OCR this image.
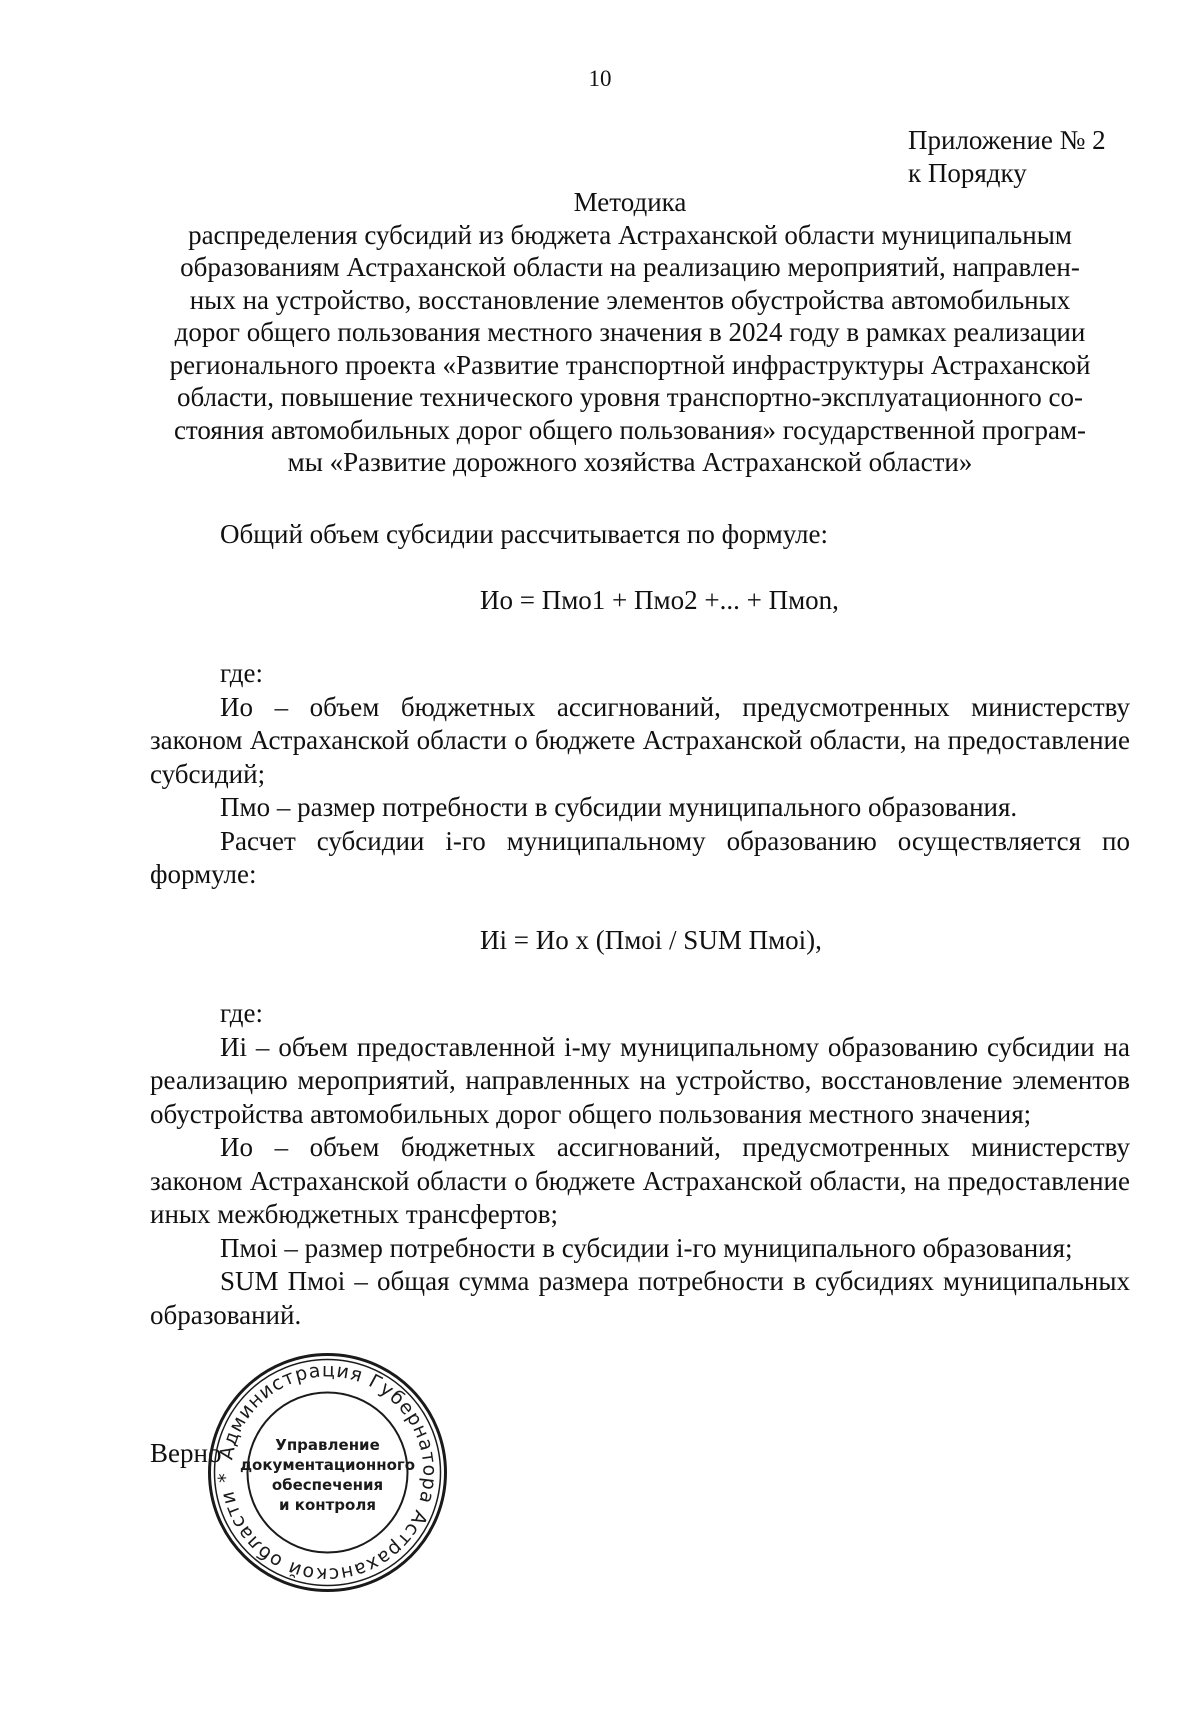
10
Приложение № 2
к Порядку
Методика
распределения субсидий из бюджета Астраханской области муниципальным
образованиям Астраханской области на реализацию мероприятий, направлен-
ных на устройство, восстановление элементов обустройства автомобильных
дорог общего пользования местного значения в 2024 году в рамках реализации
регионального проекта «Развитие транспортной инфраструктуры Астраханской
области, повышение технического уровня транспортно-эксплуатационного со-
стояния автомобильных дорог общего пользования» государственной програм-
мы «Развитие дорожного хозяйства Астраханской области»

Общий объем субсидии рассчитывается по формуле:

Ио = Пмо1 + Пмо2 +... + Пмоn,

где:

Ио – объем бюджетных ассигнований, предусмотренных министерству законом Астраханской области о бюджете Астраханской области, на предоставление субсидий;

Пмо – размер потребности в субсидии муниципального образования.

Расчет субсидии i-го муниципальному образованию осуществляется по формуле:

Иi = Ио х (Пмоi / SUM Пмоi),

где:

Иi – объем предоставленной i-му муниципальному образованию субсидии на реализацию мероприятий, направленных на устройство, восстановление элементов обустройства автомобильных дорог общего пользования местного значения;

Ио – объем бюджетных ассигнований, предусмотренных министерству законом Астраханской области о бюджете Астраханской области, на предоставление иных межбюджетных трансфертов;

Пмоi – размер потребности в субсидии i-го муниципального образования;

SUM Пмоi – общая сумма размера потребности в субсидиях муниципальных образований.

Верно
Администрация Губернатора Астраханской области *
Управление
документационного
обеспечения
и контроля
